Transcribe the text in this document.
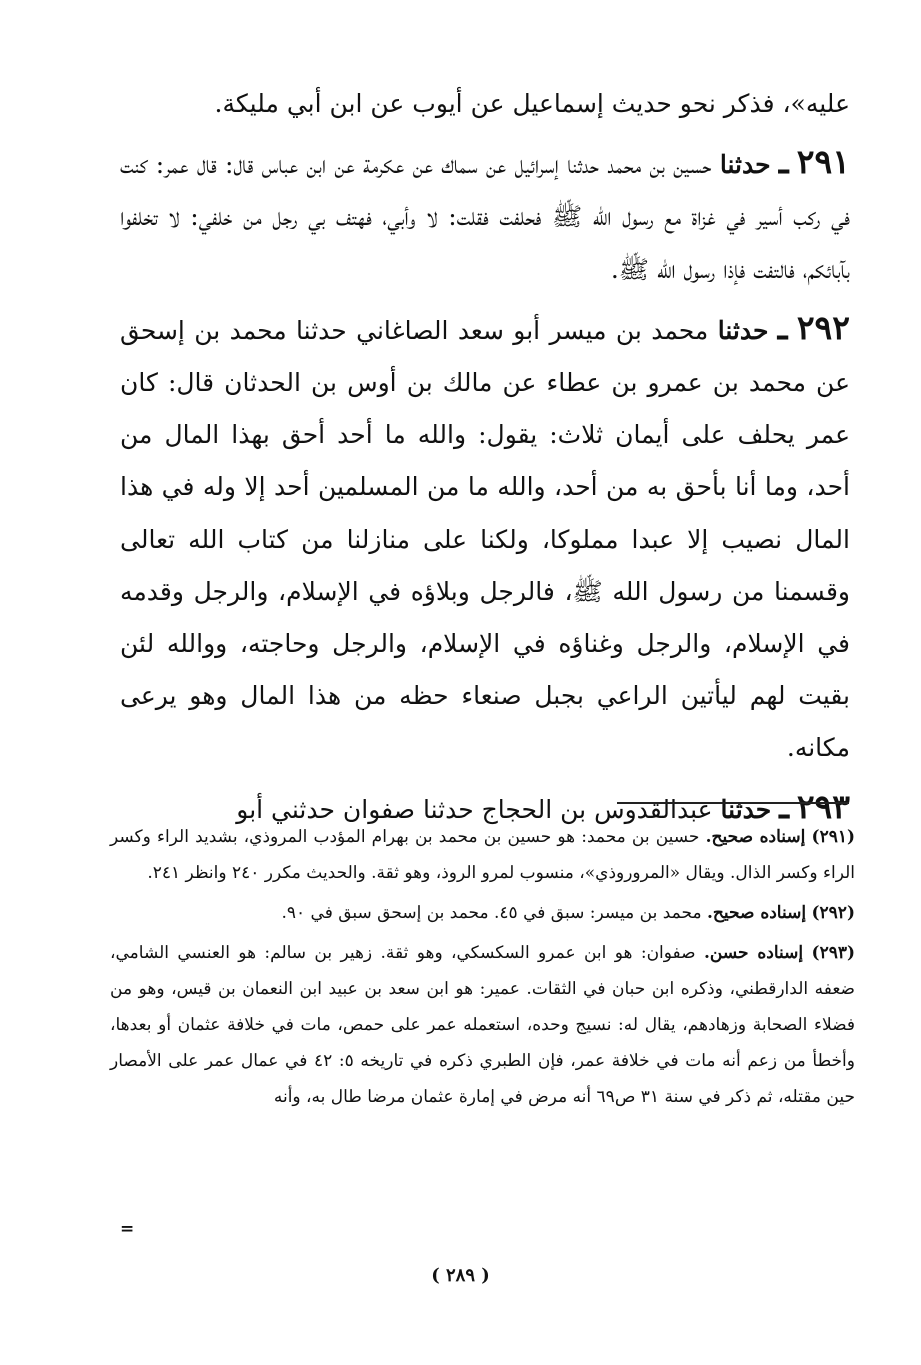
عليه»، فذكر نحو حديث إسماعيل عن أيوب عن ابن أبي مليكة.

٢٩١ ـ حدثنا حسين بن محمد حدثنا إسرائيل عن سماك عن عكرمة عن ابن عباس قال: قال عمر: كنت في ركب أسير في غزاة مع رسول الله ﷺ فحلفت فقلت: لا وأبي، فهتف بي رجل من خلفي: لا تخلفوا بآبائكم، فالتفت فإذا رسول الله ﷺ.

٢٩٢ ـ حدثنا محمد بن ميسر أبو سعد الصاغاني حدثنا محمد بن إسحق عن محمد بن عمرو بن عطاء عن مالك بن أوس بن الحدثان قال: كان عمر يحلف على أيمان ثلاث: يقول: والله ما أحد أحق بهذا المال من أحد، وما أنا بأحق به من أحد، والله ما من المسلمين أحد إلا وله في هذا المال نصيب إلا عبدا مملوكا، ولكنا على منازلنا من كتاب الله تعالى وقسمنا من رسول الله ﷺ، فالرجل وبلاؤه في الإسلام، والرجل وقدمه في الإسلام، والرجل وغناؤه في الإسلام، والرجل وحاجته، ووالله لئن بقيت لهم ليأتين الراعي بجبل صنعاء حظه من هذا المال وهو يرعى مكانه.

٢٩٣ ـ حدثنا عبدالقدوس بن الحجاج حدثنا صفوان حدثني أبو

(٢٩١) إسناده صحيح. حسين بن محمد: هو حسين بن محمد بن بهرام المؤدب المروذي، بشديد الراء وكسر الراء وكسر الذال. ويقال «المروروذي»، منسوب لمرو الروذ، وهو ثقة. والحديث مكرر ٢٤٠ وانظر ٢٤١.

(٢٩٢) إسناده صحيح. محمد بن ميسر: سبق في ٤٥. محمد بن إسحق سبق في ٩٠.

(٢٩٣) إسناده حسن. صفوان: هو ابن عمرو السكسكي، وهو ثقة. زهير بن سالم: هو العنسي الشامي، ضعفه الدارقطني، وذكره ابن حبان في الثقات. عمير: هو ابن سعد بن عبيد ابن النعمان بن قيس، وهو من فضلاء الصحابة وزهادهم، يقال له: نسيج وحده، استعمله عمر على حمص، مات في خلافة عثمان أو بعدها، وأخطأ من زعم أنه مات في خلافة عمر، فإن الطبري ذكره في تاريخه ٥: ٤٢ في عمال عمر على الأمصار حين مقتله، ثم ذكر في سنة ٣١ ص٦٩ أنه مرض في إمارة عثمان مرضا طال به، وأنه

=
( ٢٨٩ )
